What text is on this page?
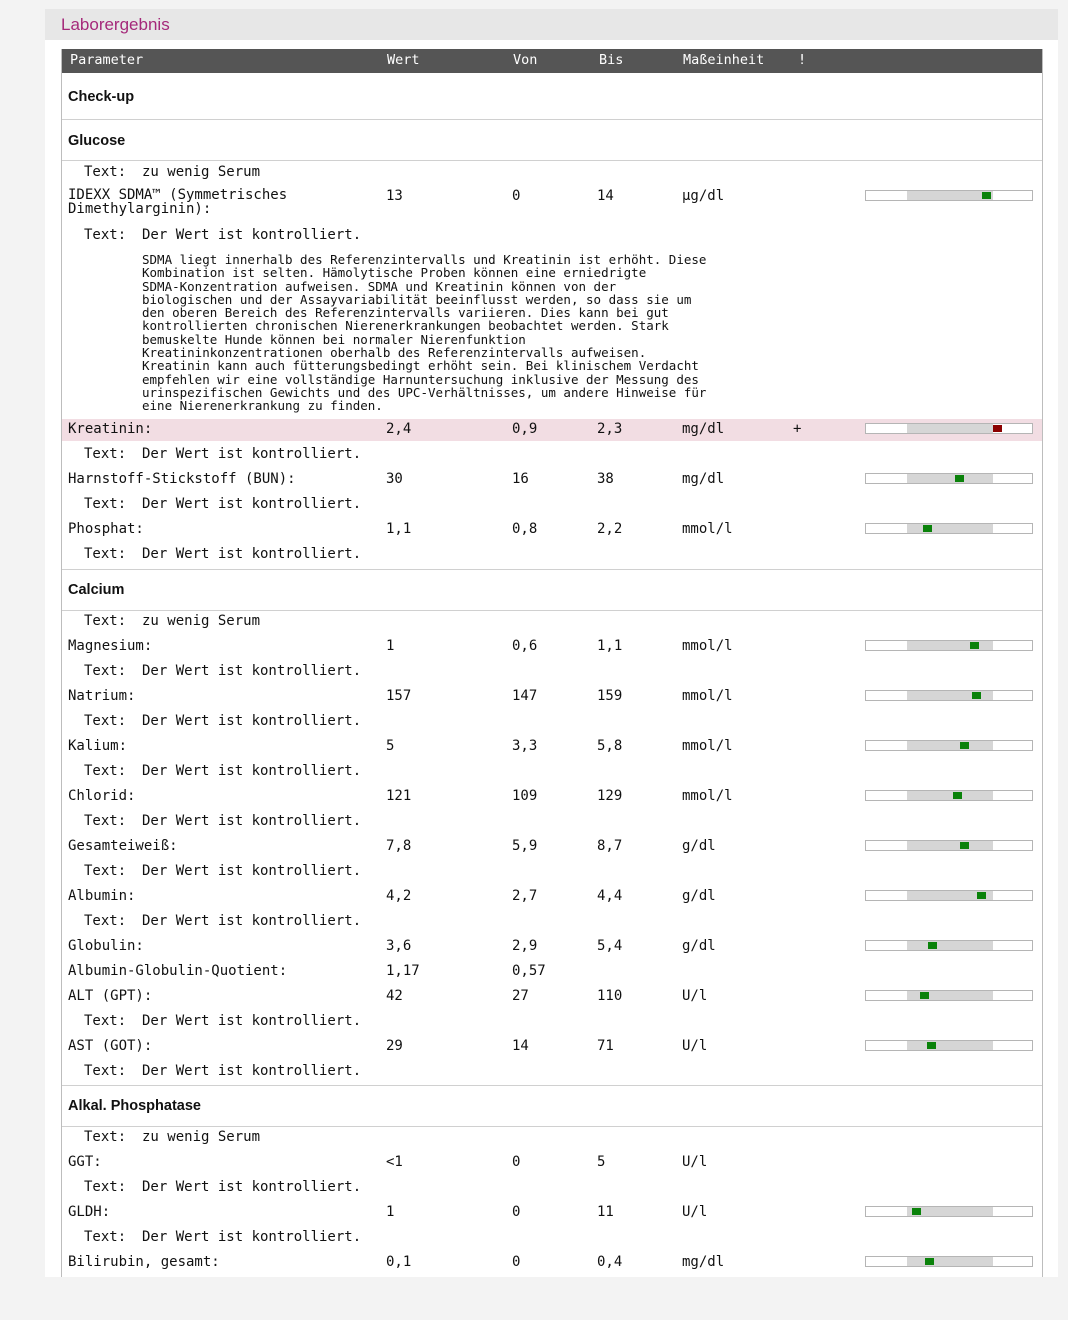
Laborergebnis
Parameter	Wert	Von	Bis	Maßeinheit !
Check-up
Glucose
Text: zu wenig Serum
IDEXX SDMA™ (Symmetrisches Dimethylarginin):
13	0	14	µg/dl
Text: Der Wert ist kontrolliert.
SDMA liegt innerhalb des Referenzintervalls und Kreatinin ist erhöht. Diese
Kombination ist selten. Hämolytische Proben können eine erniedrigte
SDMA-Konzentration aufweisen. SDMA und Kreatinin können von der
biologischen und der Assayvariabilität beeinflusst werden, so dass sie um
den oberen Bereich des Referenzintervalls variieren. Dies kann bei gut
kontrollierten chronischen Nierenerkrankungen beobachtet werden. Stark
bemuskelte Hunde können bei normaler Nierenfunktion
Kreatininkonzentrationen oberhalb des Referenzintervalls aufweisen.
Kreatinin kann auch fütterungsbedingt erhöht sein. Bei klinischem Verdacht
empfehlen wir eine vollständige Harnuntersuchung inklusive der Messung des
urinspezifischen Gewichts und des UPC-Verhältnisses, um andere Hinweise für
eine Nierenerkrankung zu finden.
Kreatinin:	2,4	0,9	2,3	mg/dl	+
Text: Der Wert ist kontrolliert.
Harnstoff-Stickstoff (BUN):	30	16	38	mg/dl
Text: Der Wert ist kontrolliert.
Phosphat:	1,1	0,8	2,2	mmol/l
Text: Der Wert ist kontrolliert.
Calcium
Text: zu wenig Serum
Magnesium:	1	0,6	1,1	mmol/l
Text: Der Wert ist kontrolliert.
Natrium:	157	147	159	mmol/l
Text: Der Wert ist kontrolliert.
Kalium:	5	3,3	5,8	mmol/l
Text: Der Wert ist kontrolliert.
Chlorid:	121	109	129	mmol/l
Text: Der Wert ist kontrolliert.
Gesamteiweiß:	7,8	5,9	8,7	g/dl
Text: Der Wert ist kontrolliert.
Albumin:	4,2	2,7	4,4	g/dl
Text: Der Wert ist kontrolliert.
Globulin:	3,6	2,9	5,4	g/dl
Albumin-Globulin-Quotient:	1,17	0,57
ALT (GPT):	42	27	110	U/l
Text: Der Wert ist kontrolliert.
AST (GOT):	29	14	71	U/l
Text: Der Wert ist kontrolliert.
Alkal. Phosphatase
Text: zu wenig Serum
GGT:	<1	0	5	U/l
Text: Der Wert ist kontrolliert.
GLDH:	1	0	11	U/l
Text: Der Wert ist kontrolliert.
Bilirubin, gesamt:	0,1	0	0,4	mg/dl
